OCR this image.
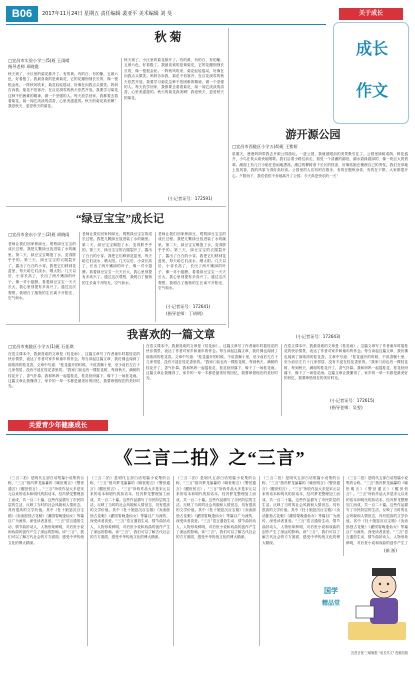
B06	2017年11月24日 星期五 责任编辑 裴亚平 美术编辑 刘 旻	关于成长
成长
作文
秋 菊
□宜昌市实验小学三(5)班 王雨晴
指导老师 邓晓霞
秋天到了，小区里的菊花都开了。有的黄，有的白，有的紫，五颜六色，好看极了。我最喜欢的是黄菊花，它的花瓣细细长长的，像一根根金丝。一阵秋风吹来，菊花轻轻摇动，好像在向我点头微笑。妈妈告诉我，菊花不怕寒冷，在百花凋零的秋天依然开放。我要学习菊花这种不怕困难的精神，做一个坚强的人。每天放学回家，我都要去看看菊花，闻一闻它淡淡的清香，心里美滋滋的。秋天的菊花真美啊！我爱秋天，更爱秋天的菊花。
秋天到了，小区里的菊花都开了。有的黄，有的白，有的紫，五颜六色，好看极了。我最喜欢的是黄菊花，它的花瓣细细长长的，像一根根金丝。一阵秋风吹来，菊花轻轻摇动，好像在向我点头微笑。妈妈告诉我，菊花不怕寒冷，在百花凋零的秋天依然开放。我要学习菊花这种不怕困难的精神，做一个坚强的人。每天放学回家，我都要去看看菊花，闻一闻它淡淡的清香，心里美滋滋的。秋天的菊花真美啊！我爱秋天，更爱秋天的菊花。
(小记者证号：172591)
游开源公园
□宜昌市西陵区小学五(4)班 王紫妍
星期天，爸爸妈妈带我去开源公园游玩。一进公园，我就被眼前的美景吸引住了。公园里绿树成荫，鲜花盛开，小鸟在枝头欢快地唱歌。我们沿着小路往前走，看见一个清澈的湖泊，湖水碧绿碧绿的，像一块巨大的翡翠。湖面上有几只小船在悠闲地漂荡。湖边的柳树垂下长长的枝条，好像姑娘在梳理自己的秀发。我们在草地上放风筝，我的风筝飞得好高好高。公园里的人们有的在散步，有的在锻炼身体，有的在下棋，大家都很开心。夕阳西下，我们依依不舍地离开了公园。今天真是快乐的一天！
(小记者证号：172643)
“绿豆宝宝”成长记
□宜昌市金东小学三(2)班 胡晓雨
老师让我们回家种绿豆，观察绿豆宝宝的成长过程。我把几颗绿豆放进装了水的碗里。第二天，绿豆宝宝喝饱了水，变得胖乎乎的。第三天，绿豆宝宝的衣服裂开了，露出了白白的小芽。我把它们移到花盆里，每天给它们浇水、晒太阳。几天以后，小芽长高了，长出了两片嫩绿的叶子，像一对小翅膀。看着绿豆宝宝一天天长大，我心里别提有多高兴了。通过这次观察，我明白了植物的生长离不开阳光、空气和水。
老师让我们回家种绿豆，观察绿豆宝宝的成长过程。我把几颗绿豆放进装了水的碗里。第二天，绿豆宝宝喝饱了水，变得胖乎乎的。第三天，绿豆宝宝的衣服裂开了，露出了白白的小芽。我把它们移到花盆里，每天给它们浇水、晒太阳。几天以后，小芽长高了，长出了两片嫩绿的叶子，像一对小翅膀。看着绿豆宝宝一天天长大，我心里别提有多高兴了。通过这次观察，我明白了植物的生长离不开阳光、空气和水。
老师让我们回家种绿豆，观察绿豆宝宝的成长过程。我把几颗绿豆放进装了水的碗里。第二天，绿豆宝宝喝饱了水，变得胖乎乎的。第三天，绿豆宝宝的衣服裂开了，露出了白白的小芽。我把它们移到花盆里，每天给它们浇水、晒太阳。几天以后，小芽长高了，长出了两片嫩绿的叶子，像一对小翅膀。看着绿豆宝宝一天天长大，我心里别提有多高兴了。通过这次观察，我明白了植物的生长离不开阳光、空气和水。
(小记者证号：172641)
(指导老师：丁胡明)
我喜欢的一篇文章
□宜昌市夷陵区小学五(1)班 石佳琪
在语文课本中，我最喜欢的文章是《桂花雨》。这篇文章写了作者童年时摇桂花的快乐情景，表达了作者对家乡和童年的怀念。每当读起这篇文章，我仿佛也闻到了那浓浓的桂花香。文章中写道：“桂花盛开的时候，不说香飘十里，至少前后左右十几家邻居，没有不浸在桂花香里的。”我家门前也有一棵桂花树，每到秋天，满树的桂花开了，香气扑鼻。我和妈妈一起摇桂花，桂花纷纷落下，像下了一场桂花雨。这篇文章让我懂得了，家乡的一草一木都是最美好的回忆，我要珍惜现在的美好时光。
在语文课本中，我最喜欢的文章是《桂花雨》。这篇文章写了作者童年时摇桂花的快乐情景，表达了作者对家乡和童年的怀念。每当读起这篇文章，我仿佛也闻到了那浓浓的桂花香。文章中写道：“桂花盛开的时候，不说香飘十里，至少前后左右十几家邻居，没有不浸在桂花香里的。”我家门前也有一棵桂花树，每到秋天，满树的桂花开了，香气扑鼻。我和妈妈一起摇桂花，桂花纷纷落下，像下了一场桂花雨。这篇文章让我懂得了，家乡的一草一木都是最美好的回忆，我要珍惜现在的美好时光。
在语文课本中，我最喜欢的文章是《桂花雨》。这篇文章写了作者童年时摇桂花的快乐情景，表达了作者对家乡和童年的怀念。每当读起这篇文章，我仿佛也闻到了那浓浓的桂花香。文章中写道：“桂花盛开的时候，不说香飘十里，至少前后左右十几家邻居，没有不浸在桂花香里的。”我家门前也有一棵桂花树，每到秋天，满树的桂花开了，香气扑鼻。我和妈妈一起摇桂花，桂花纷纷落下，像下了一场桂花雨。这篇文章让我懂得了，家乡的一草一木都是最美好的回忆，我要珍惜现在的美好时光。
(小记者证号：172615)
(指导老师：吴雯)
关爱青少年健康成长
《三言二拍》之“三言”
《三言二拍》是明代五部白话短篇小说集的合称，“三言”指冯梦龙编纂的《喻世明言》《警世通言》《醒世恒言》。“三言”所收作品大多是宋元以来的话本和明代的拟话本，经冯梦龙整理加工而成，共一百二十篇。这些作品描写了市民阶层的生活，反映了当时的社会风貌和人情世态，具有很高的文学价值。其中《杜十娘怒沉百宝箱》《卖油郎独占花魁》《灌园叟晚逢仙女》等篇目广为流传，深受读者喜爱。“三言”语言通俗生动，情节曲折动人，人物形象鲜明，对后世小说和戏曲的创作产生了深远的影响。读“三言”，我们可以了解古代社会的方方面面，感受中华传统文化的博大精深。
《三言二拍》是明代五部白话短篇小说集的合称，“三言”指冯梦龙编纂的《喻世明言》《警世通言》《醒世恒言》。“三言”所收作品大多是宋元以来的话本和明代的拟话本，经冯梦龙整理加工而成，共一百二十篇。这些作品描写了市民阶层的生活，反映了当时的社会风貌和人情世态，具有很高的文学价值。其中《杜十娘怒沉百宝箱》《卖油郎独占花魁》《灌园叟晚逢仙女》等篇目广为流传，深受读者喜爱。“三言”语言通俗生动，情节曲折动人，人物形象鲜明，对后世小说和戏曲的创作产生了深远的影响。读“三言”，我们可以了解古代社会的方方面面，感受中华传统文化的博大精深。
《三言二拍》是明代五部白话短篇小说集的合称，“三言”指冯梦龙编纂的《喻世明言》《警世通言》《醒世恒言》。“三言”所收作品大多是宋元以来的话本和明代的拟话本，经冯梦龙整理加工而成，共一百二十篇。这些作品描写了市民阶层的生活，反映了当时的社会风貌和人情世态，具有很高的文学价值。其中《杜十娘怒沉百宝箱》《卖油郎独占花魁》《灌园叟晚逢仙女》等篇目广为流传，深受读者喜爱。“三言”语言通俗生动，情节曲折动人，人物形象鲜明，对后世小说和戏曲的创作产生了深远的影响。读“三言”，我们可以了解古代社会的方方面面，感受中华传统文化的博大精深。
《三言二拍》是明代五部白话短篇小说集的合称，“三言”指冯梦龙编纂的《喻世明言》《警世通言》《醒世恒言》。“三言”所收作品大多是宋元以来的话本和明代的拟话本，经冯梦龙整理加工而成，共一百二十篇。这些作品描写了市民阶层的生活，反映了当时的社会风貌和人情世态，具有很高的文学价值。其中《杜十娘怒沉百宝箱》《卖油郎独占花魁》《灌园叟晚逢仙女》等篇目广为流传，深受读者喜爱。“三言”语言通俗生动，情节曲折动人，人物形象鲜明，对后世小说和戏曲的创作产生了深远的影响。读“三言”，我们可以了解古代社会的方方面面，感受中华传统文化的博大精深。
《三言二拍》是明代五部白话短篇小说集的合称，“三言”指冯梦龙编纂的《喻世明言》《警世通言》《醒世恒言》。“三言”所收作品大多是宋元以来的话本和明代的拟话本，经冯梦龙整理加工而成，共一百二十篇。这些作品描写了市民阶层的生活，反映了当时的社会风貌和人情世态，具有很高的文学价值。其中《杜十娘怒沉百宝箱》《卖油郎独占花魁》《灌园叟晚逢仙女》等篇目广为流传，深受读者喜爱。“三言”语言通俗生动，情节曲折动人，人物形象鲜明，对后世小说和戏曲的创作产生了
(新 浙)
国学
精品堂
宜昌日报·三峡晚报 "成长作文" 投稿信箱
